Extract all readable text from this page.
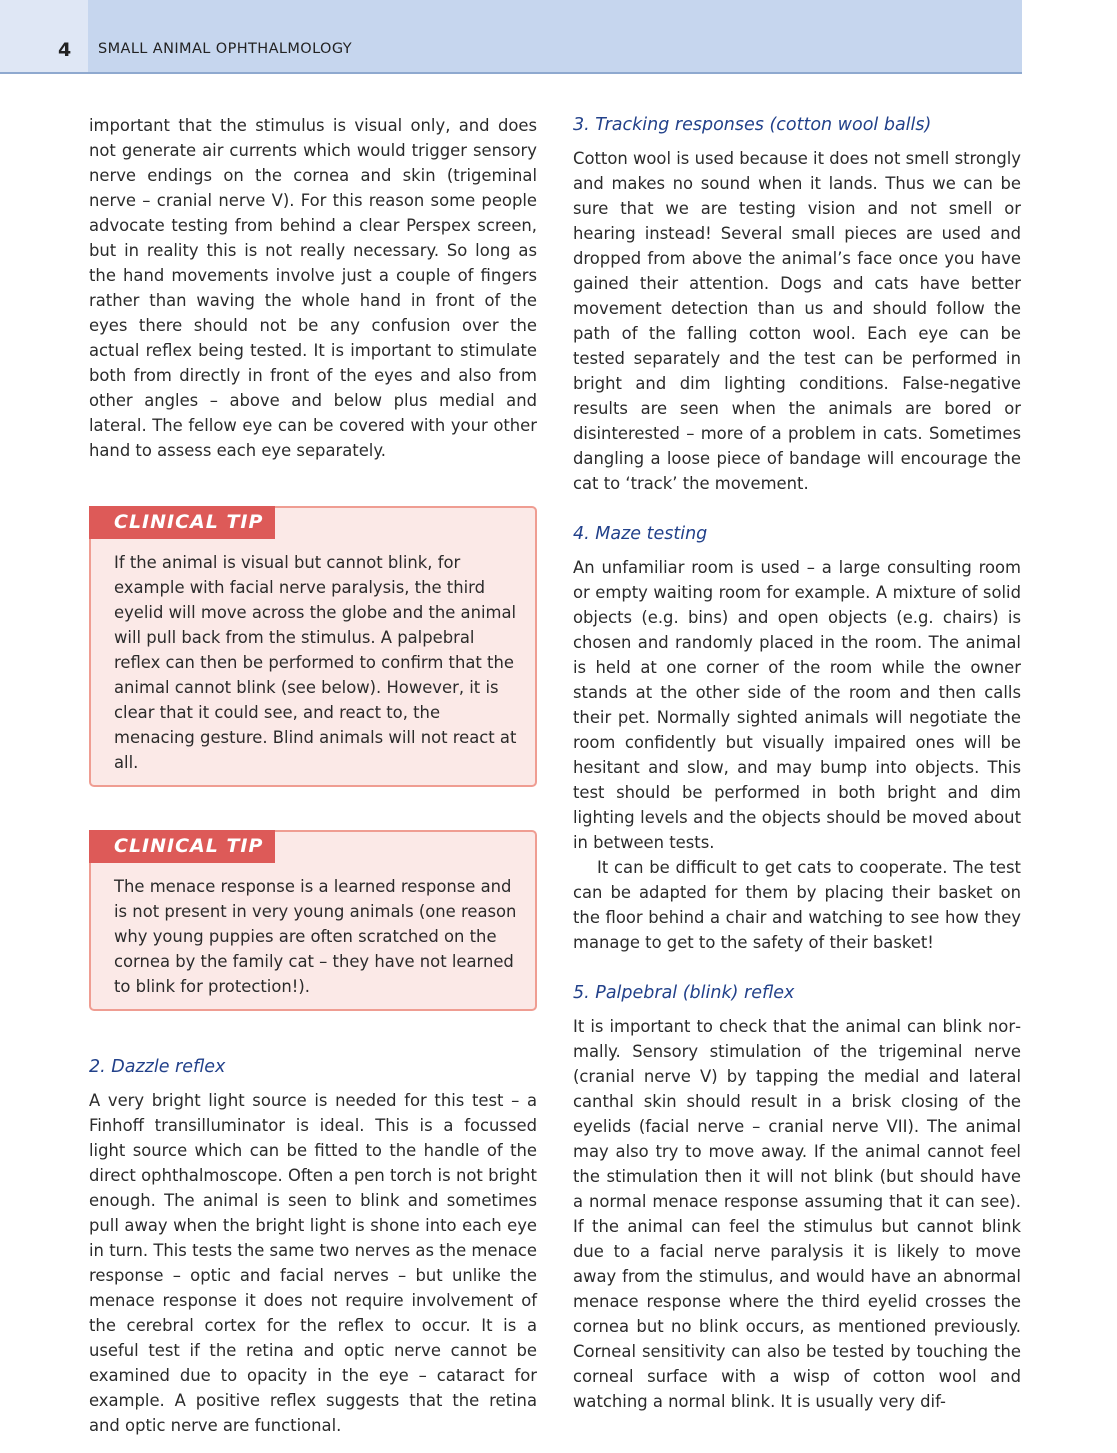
4 SMALL ANIMAL OPHTHALMOLOGY

important that the stimulus is visual only, and does not generate air currents which would trigger sensory nerve endings on the cornea and skin (trigeminal nerve – cranial nerve V). For this reason some people advocate testing from behind a clear Perspex screen, but in reality this is not really necessary. So long as the hand movements involve just a couple of fingers rather than waving the whole hand in front of the eyes there should not be any confusion over the actual reflex being tested. It is important to stimulate both from directly in front of the eyes and also from other angles – above and below plus medial and lateral. The fellow eye can be covered with your other hand to assess each eye separately.

CLINICAL TIP

If the animal is visual but cannot blink, for example with facial nerve paralysis, the third eyelid will move across the globe and the animal will pull back from the stimulus. A palpebral reflex can then be performed to confirm that the animal cannot blink (see below). However, it is clear that it could see, and react to, the menacing gesture. Blind animals will not react at all.

CLINICAL TIP

The menace response is a learned response and is not present in very young animals (one reason why young puppies are often scratched on the cornea by the family cat – they have not learned to blink for protection!).

2. Dazzle reflex

A very bright light source is needed for this test – a Finhoff transilluminator is ideal. This is a focussed light source which can be fitted to the handle of the direct ophthalmoscope. Often a pen torch is not bright enough. The animal is seen to blink and sometimes pull away when the bright light is shone into each eye in turn. This tests the same two nerves as the menace response – optic and facial nerves – but unlike the menace response it does not require involvement of the cerebral cortex for the reflex to occur. It is a useful test if the retina and optic nerve cannot be examined due to opacity in the eye – cataract for example. A positive reflex suggests that the retina and optic nerve are functional.

3. Tracking responses (cotton wool balls)

Cotton wool is used because it does not smell strongly and makes no sound when it lands. Thus we can be sure that we are testing vision and not smell or hearing instead! Several small pieces are used and dropped from above the animal’s face once you have gained their attention. Dogs and cats have better movement detection than us and should follow the path of the falling cotton wool. Each eye can be tested separately and the test can be performed in bright and dim lighting conditions. False-negative results are seen when the animals are bored or disinterested – more of a problem in cats. Sometimes dangling a loose piece of bandage will encourage the cat to ‘track’ the movement.

4. Maze testing

An unfamiliar room is used – a large consulting room or empty waiting room for example. A mixture of solid objects (e.g. bins) and open objects (e.g. chairs) is chosen and randomly placed in the room. The animal is held at one corner of the room while the owner stands at the other side of the room and then calls their pet. Normally sighted animals will negotiate the room confidently but visually impaired ones will be hesitant and slow, and may bump into objects. This test should be performed in both bright and dim lighting levels and the objects should be moved about in between tests.

It can be difficult to get cats to cooperate. The test can be adapted for them by placing their basket on the floor behind a chair and watching to see how they manage to get to the safety of their basket!

5. Palpebral (blink) reflex

It is important to check that the animal can blink normally. Sensory stimulation of the trigeminal nerve (cranial nerve V) by tapping the medial and lateral canthal skin should result in a brisk closing of the eyelids (facial nerve – cranial nerve VII). The animal may also try to move away. If the animal cannot feel the stimulation then it will not blink (but should have a normal menace response assuming that it can see). If the animal can feel the stimulus but cannot blink due to a facial nerve paralysis it is likely to move away from the stimulus, and would have an abnormal menace response where the third eyelid crosses the cornea but no blink occurs, as mentioned previously. Corneal sensitivity can also be tested by touching the corneal surface with a wisp of cotton wool and watching a normal blink. It is usually very dif-
